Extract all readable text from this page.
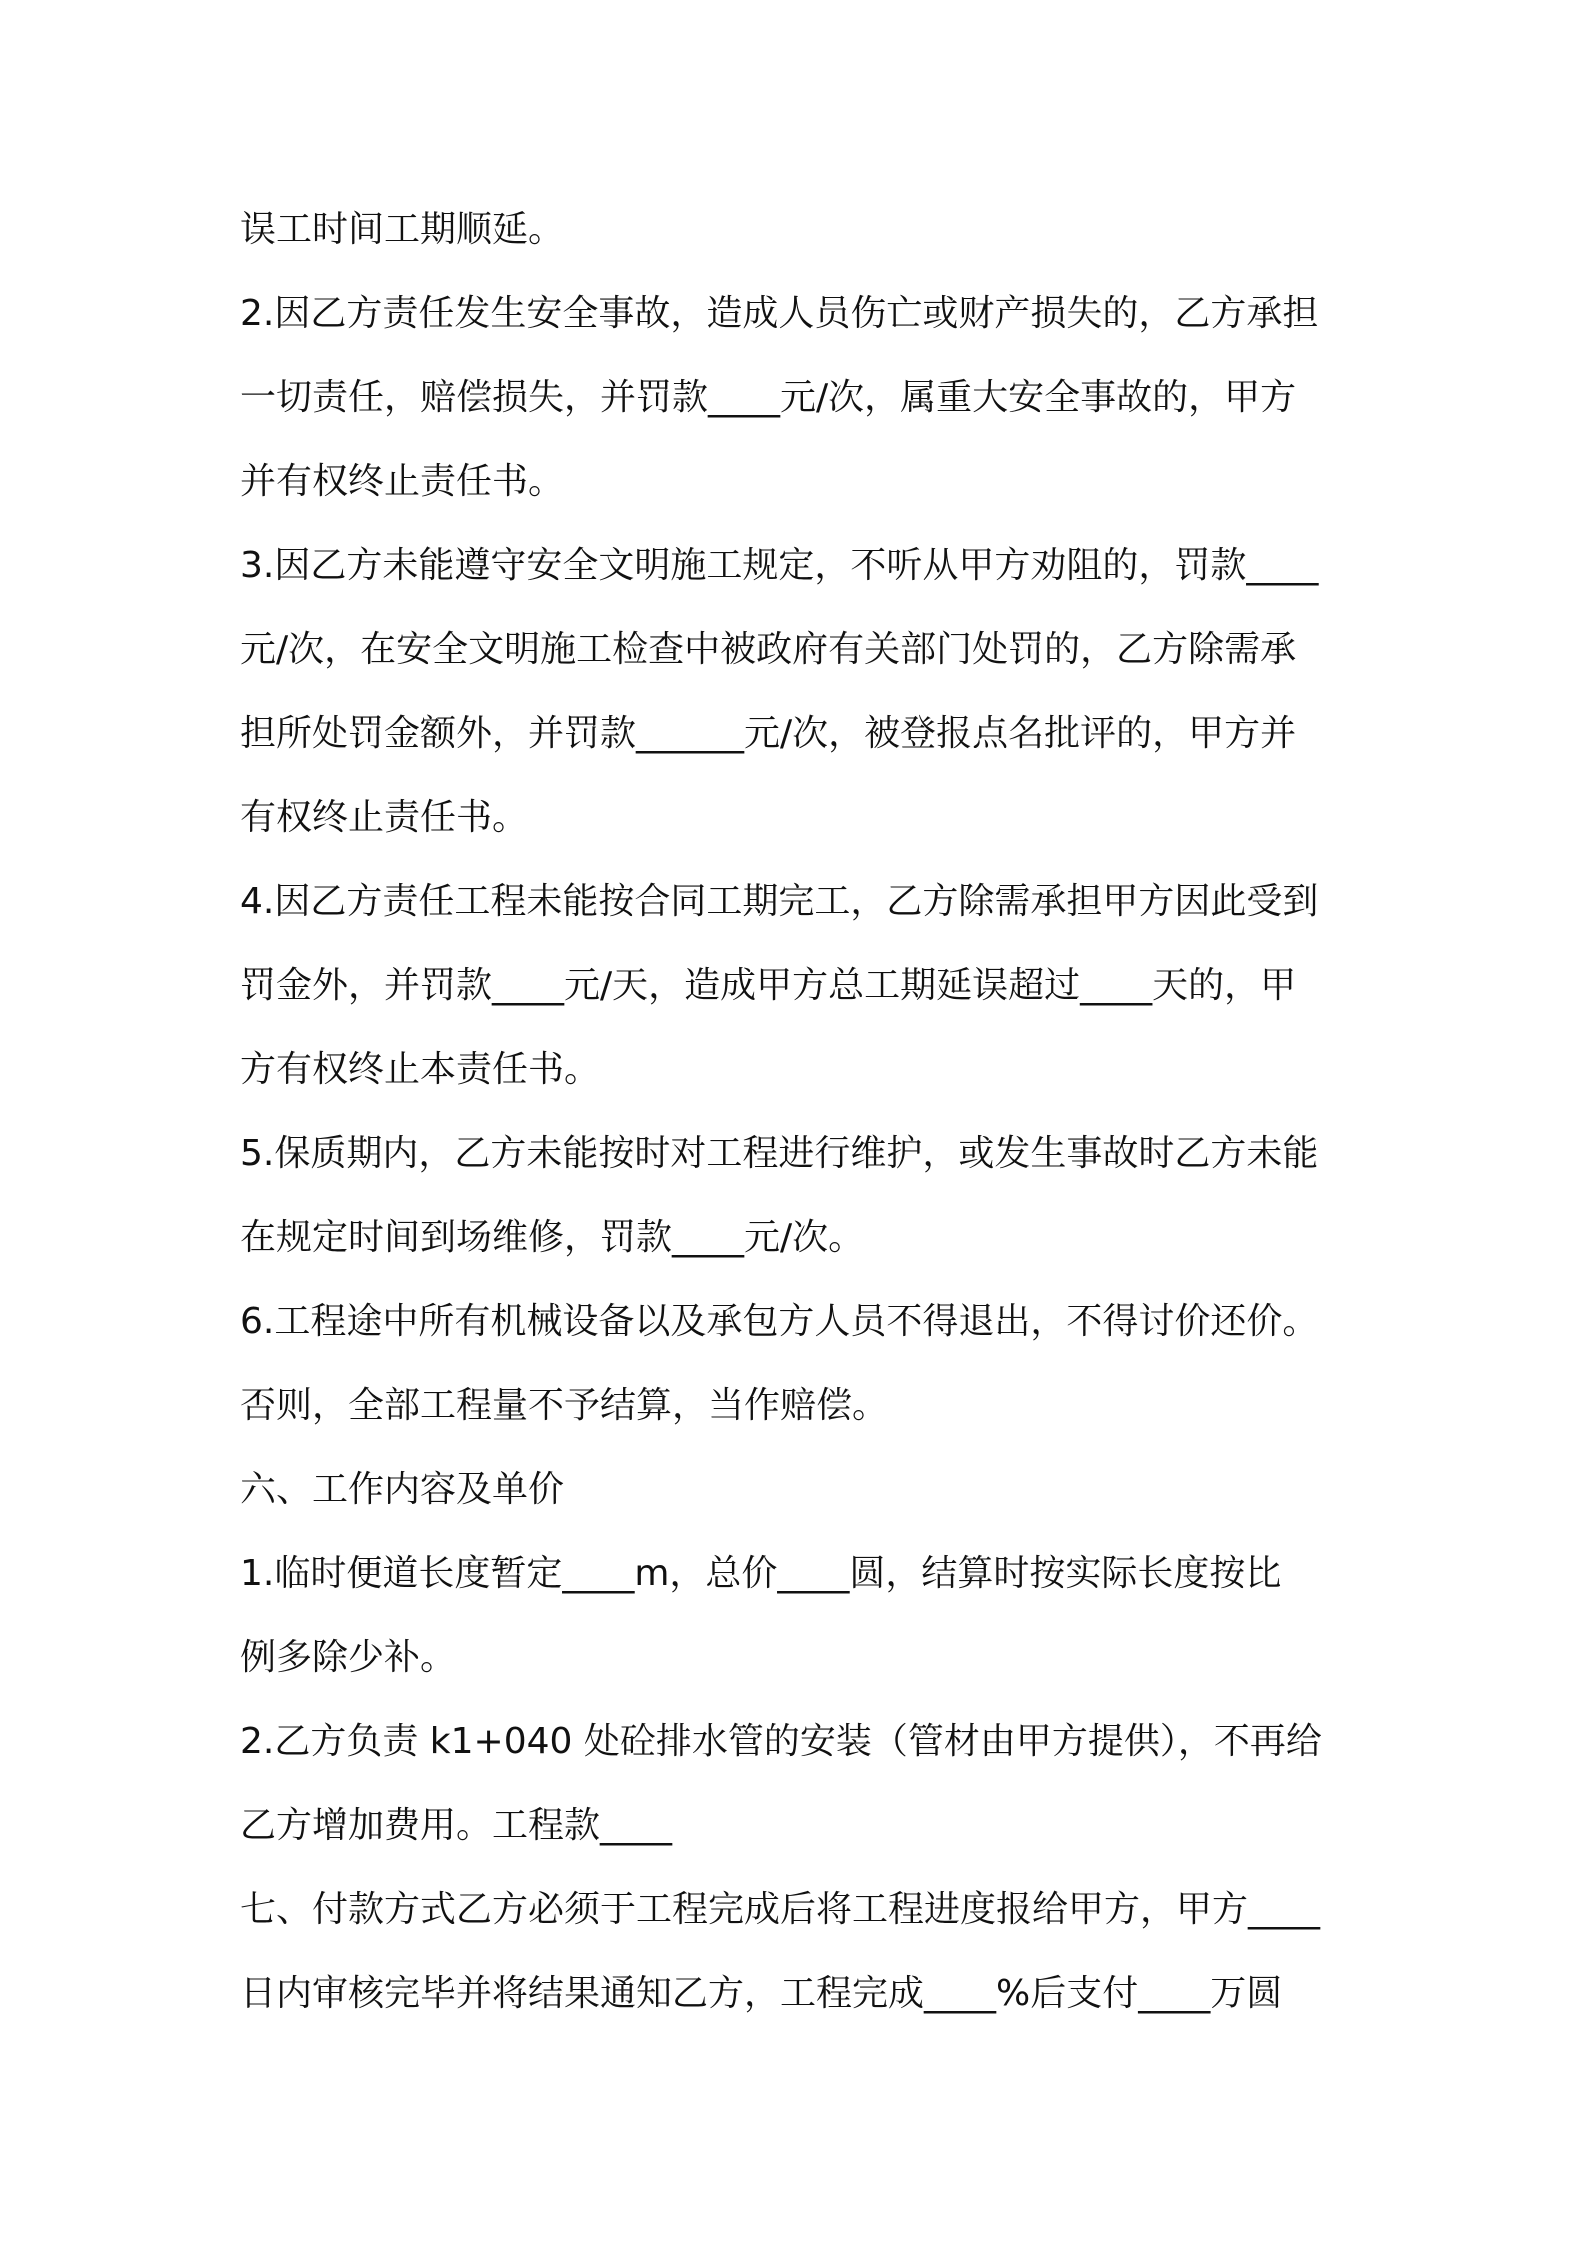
误工时间工期顺延。
2.因乙方责任发生安全事故，造成人员伤亡或财产损失的，乙方承担
一切责任，赔偿损失，并罚款____元/次，属重大安全事故的，甲方
并有权终止责任书。
3.因乙方未能遵守安全文明施工规定，不听从甲方劝阻的，罚款____
元/次，在安全文明施工检查中被政府有关部门处罚的，乙方除需承
担所处罚金额外，并罚款______元/次，被登报点名批评的，甲方并
有权终止责任书。
4.因乙方责任工程未能按合同工期完工，乙方除需承担甲方因此受到
罚金外，并罚款____元/天，造成甲方总工期延误超过____天的，甲
方有权终止本责任书。
5.保质期内，乙方未能按时对工程进行维护，或发生事故时乙方未能
在规定时间到场维修，罚款____元/次。
6.工程途中所有机械设备以及承包方人员不得退出，不得讨价还价。
否则，全部工程量不予结算，当作赔偿。
六、工作内容及单价
1.临时便道长度暂定____m，总价____圆，结算时按实际长度按比
例多除少补。
2.乙方负责 k1+040 处砼排水管的安装（管材由甲方提供），不再给
乙方增加费用。工程款____
七、付款方式乙方必须于工程完成后将工程进度报给甲方，甲方____
日内审核完毕并将结果通知乙方，工程完成____%后支付____万圆
